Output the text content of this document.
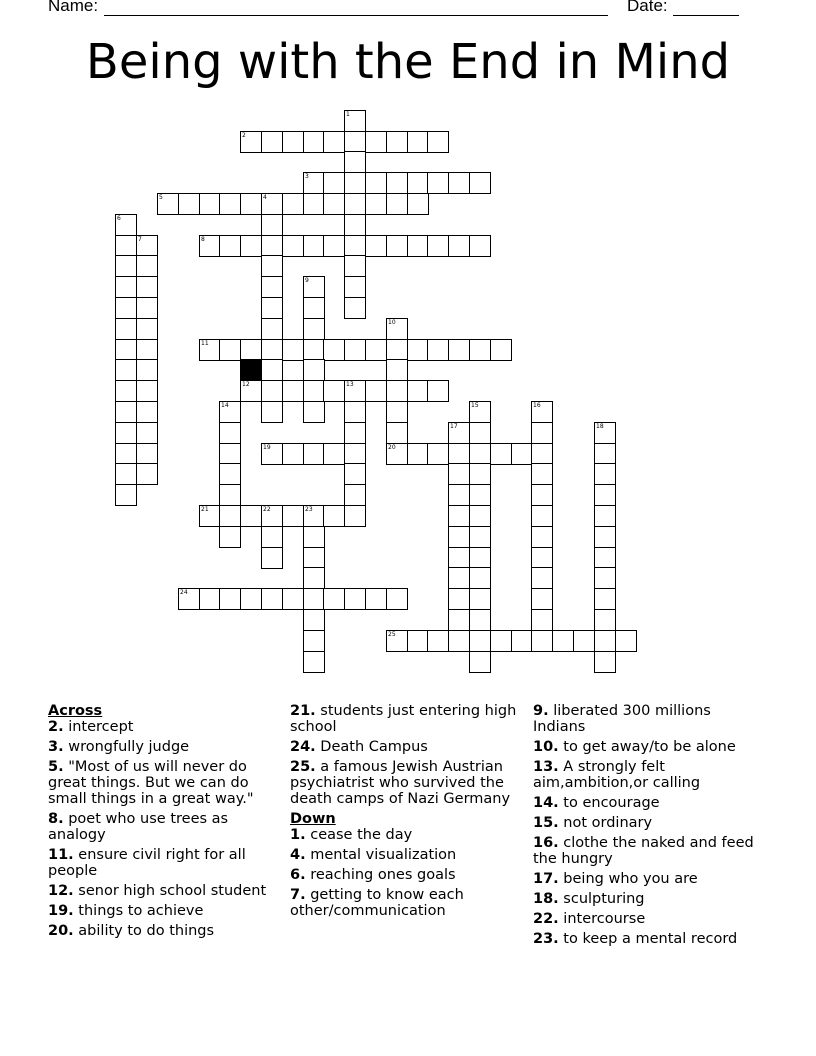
Name:	Date:
Being with the End in Mind
2
3
5	4
8
11
12	13
19	20
21	22	23
24
25
1
6
7
9
10
14	15	16
17	18
Across
2. intercept
3. wrongfully judge
5. "Most of us will never do great things. But we can do small things in a great way."
8. poet who use trees as analogy
11. ensure civil right for all people
12. senor high school student
19. things to achieve
20. ability to do things
21. students just entering high school
24. Death Campus
25. a famous Jewish Austrian psychiatrist who survived the death camps of Nazi Germany
Down
1. cease the day
4. mental visualization
6. reaching ones goals
7. getting to know each other/communication
9. liberated 300 millions Indians
10. to get away/to be alone
13. A strongly felt aim,ambition,or calling
14. to encourage
15. not ordinary
16. clothe the naked and feed the hungry
17. being who you are
18. sculpturing
22. intercourse
23. to keep a mental record
